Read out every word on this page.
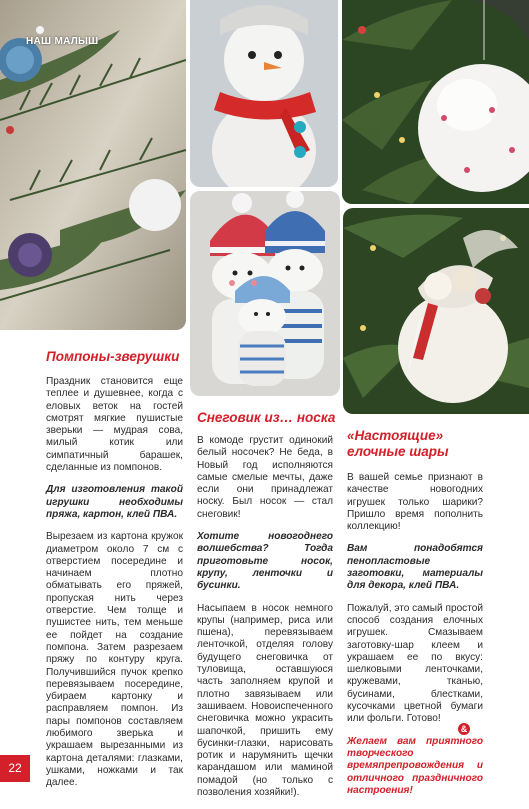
НАШ МАЛЫШ
Помпоны-зверушки

Праздник становится еще теплее и душевнее, когда с еловых веток на гостей смотрят мягкие пушистые зверьки — мудрая сова, милый котик или симпатичный барашек, сделанные из помпонов.

Для изготовления такой игрушки необходимы пряжа, картон, клей ПВА.

Вырезаем из картона кружок диаметром около 7 см с отверстием посередине и начинаем плотно обматывать его пряжей, пропуская нить через отверстие. Чем толще и пушистее нить, тем меньше ее пойдет на создание помпона. Затем разрезаем пряжу по контуру круга. Получившийся пучок крепко перевязываем посередине, убираем картонку и расправляем помпон. Из пары помпонов составляем любимого зверька и украшаем вырезанными из картона деталями: глазками, ушками, ножками и так далее.

Снеговик из… носка

В комоде грустит одинокий белый носочек? Не беда, в Новый год исполняются самые смелые мечты, даже если они принадлежат носку. Был носок — стал снеговик!

Хотите новогоднего волшебства? Тогда приготовьте носок, крупу, ленточки и бусинки.

Насыпаем в носок немного крупы (например, риса или пшена), перевязываем ленточкой, отделяя голову будущего снеговичка от туловища, оставшуюся часть заполняем крупой и плотно завязываем или зашиваем. Новоиспеченного снеговичка можно украсить шапочкой, пришить ему бусинки-глазки, нарисовать ротик и нарумянить щечки карандашом или маминой помадой (но только с позволения хозяйки!).

«Настоящие»
елочные шары

В вашей семье признают в качестве новогодних игрушек только шарики? Пришло время пополнить коллекцию!

Вам понадобятся пенопластовые заготовки, материалы для декора, клей ПВА.

Пожалуй, это самый простой способ создания елочных игрушек. Смазываем заготовку-шар клеем и украшаем ее по вкусу: шелковыми ленточками, кружевами, тканью, бусинами, блестками, кусочками цветной бумаги или фольги. Готово!

Желаем вам приятного творческого времяпрепровождения и отличного праздничного настроения!

&
22
